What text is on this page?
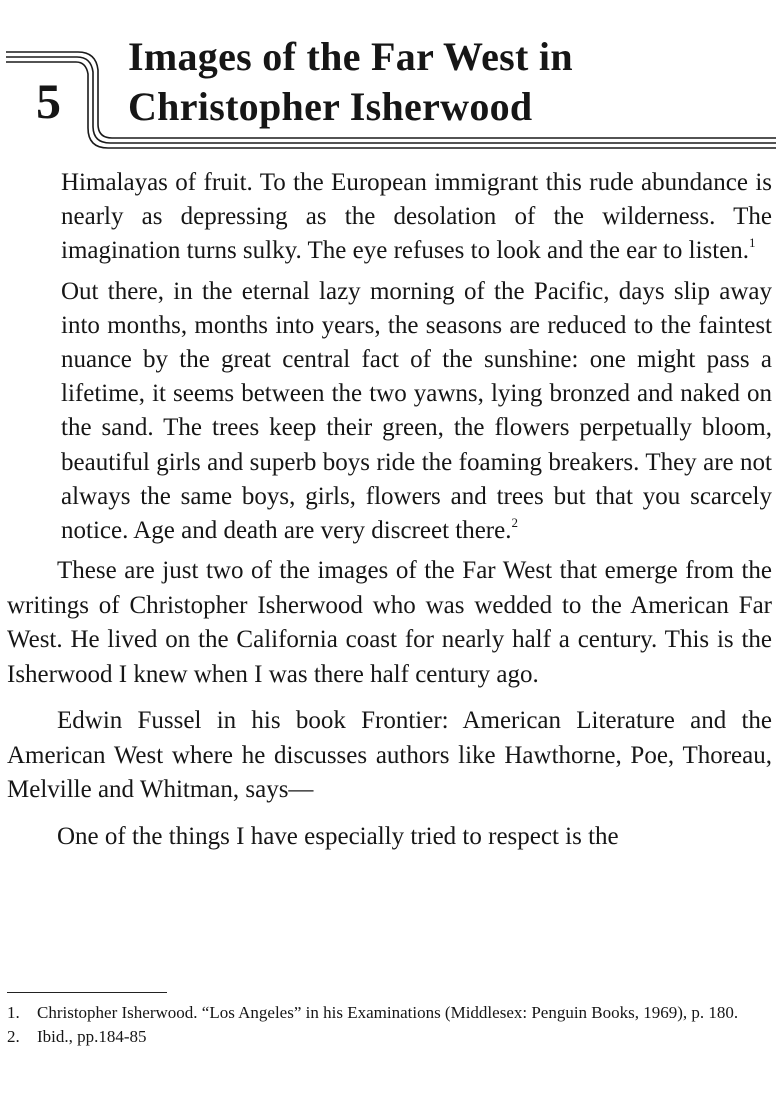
5
Images of the Far West in
Christopher Isherwood

Himalayas of fruit. To the European immigrant this rude abundance is nearly as depressing as the desolation of the wilderness. The imagination turns sulky. The eye refuses to look and the ear to listen.$^1$

Out there, in the eternal lazy morning of the Pacific, days slip away into months, months into years, the seasons are reduced to the faintest nuance by the great central fact of the sunshine: one might pass a lifetime, it seems between the two yawns, lying bronzed and naked on the sand. The trees keep their green, the flowers perpetually bloom, beautiful girls and superb boys ride the foaming breakers. They are not always the same boys, girls, flowers and trees but that you scarcely notice. Age and death are very discreet there.$^2$

These are just two of the images of the Far West that emerge from the writings of Christopher Isherwood who was wedded to the American Far West. He lived on the California coast for nearly half a century. This is the Isherwood I knew when I was there half century ago.

Edwin Fussel in his book Frontier: American Literature and the American West where he discusses authors like Hawthorne, Poe, Thoreau, Melville and Whitman, says—

One of the things I have especially tried to respect is the

1. Christopher Isherwood. “Los Angeles” in his Examinations (Middlesex: Penguin Books, 1969), p. 180.
2. Ibid., pp.184-85
